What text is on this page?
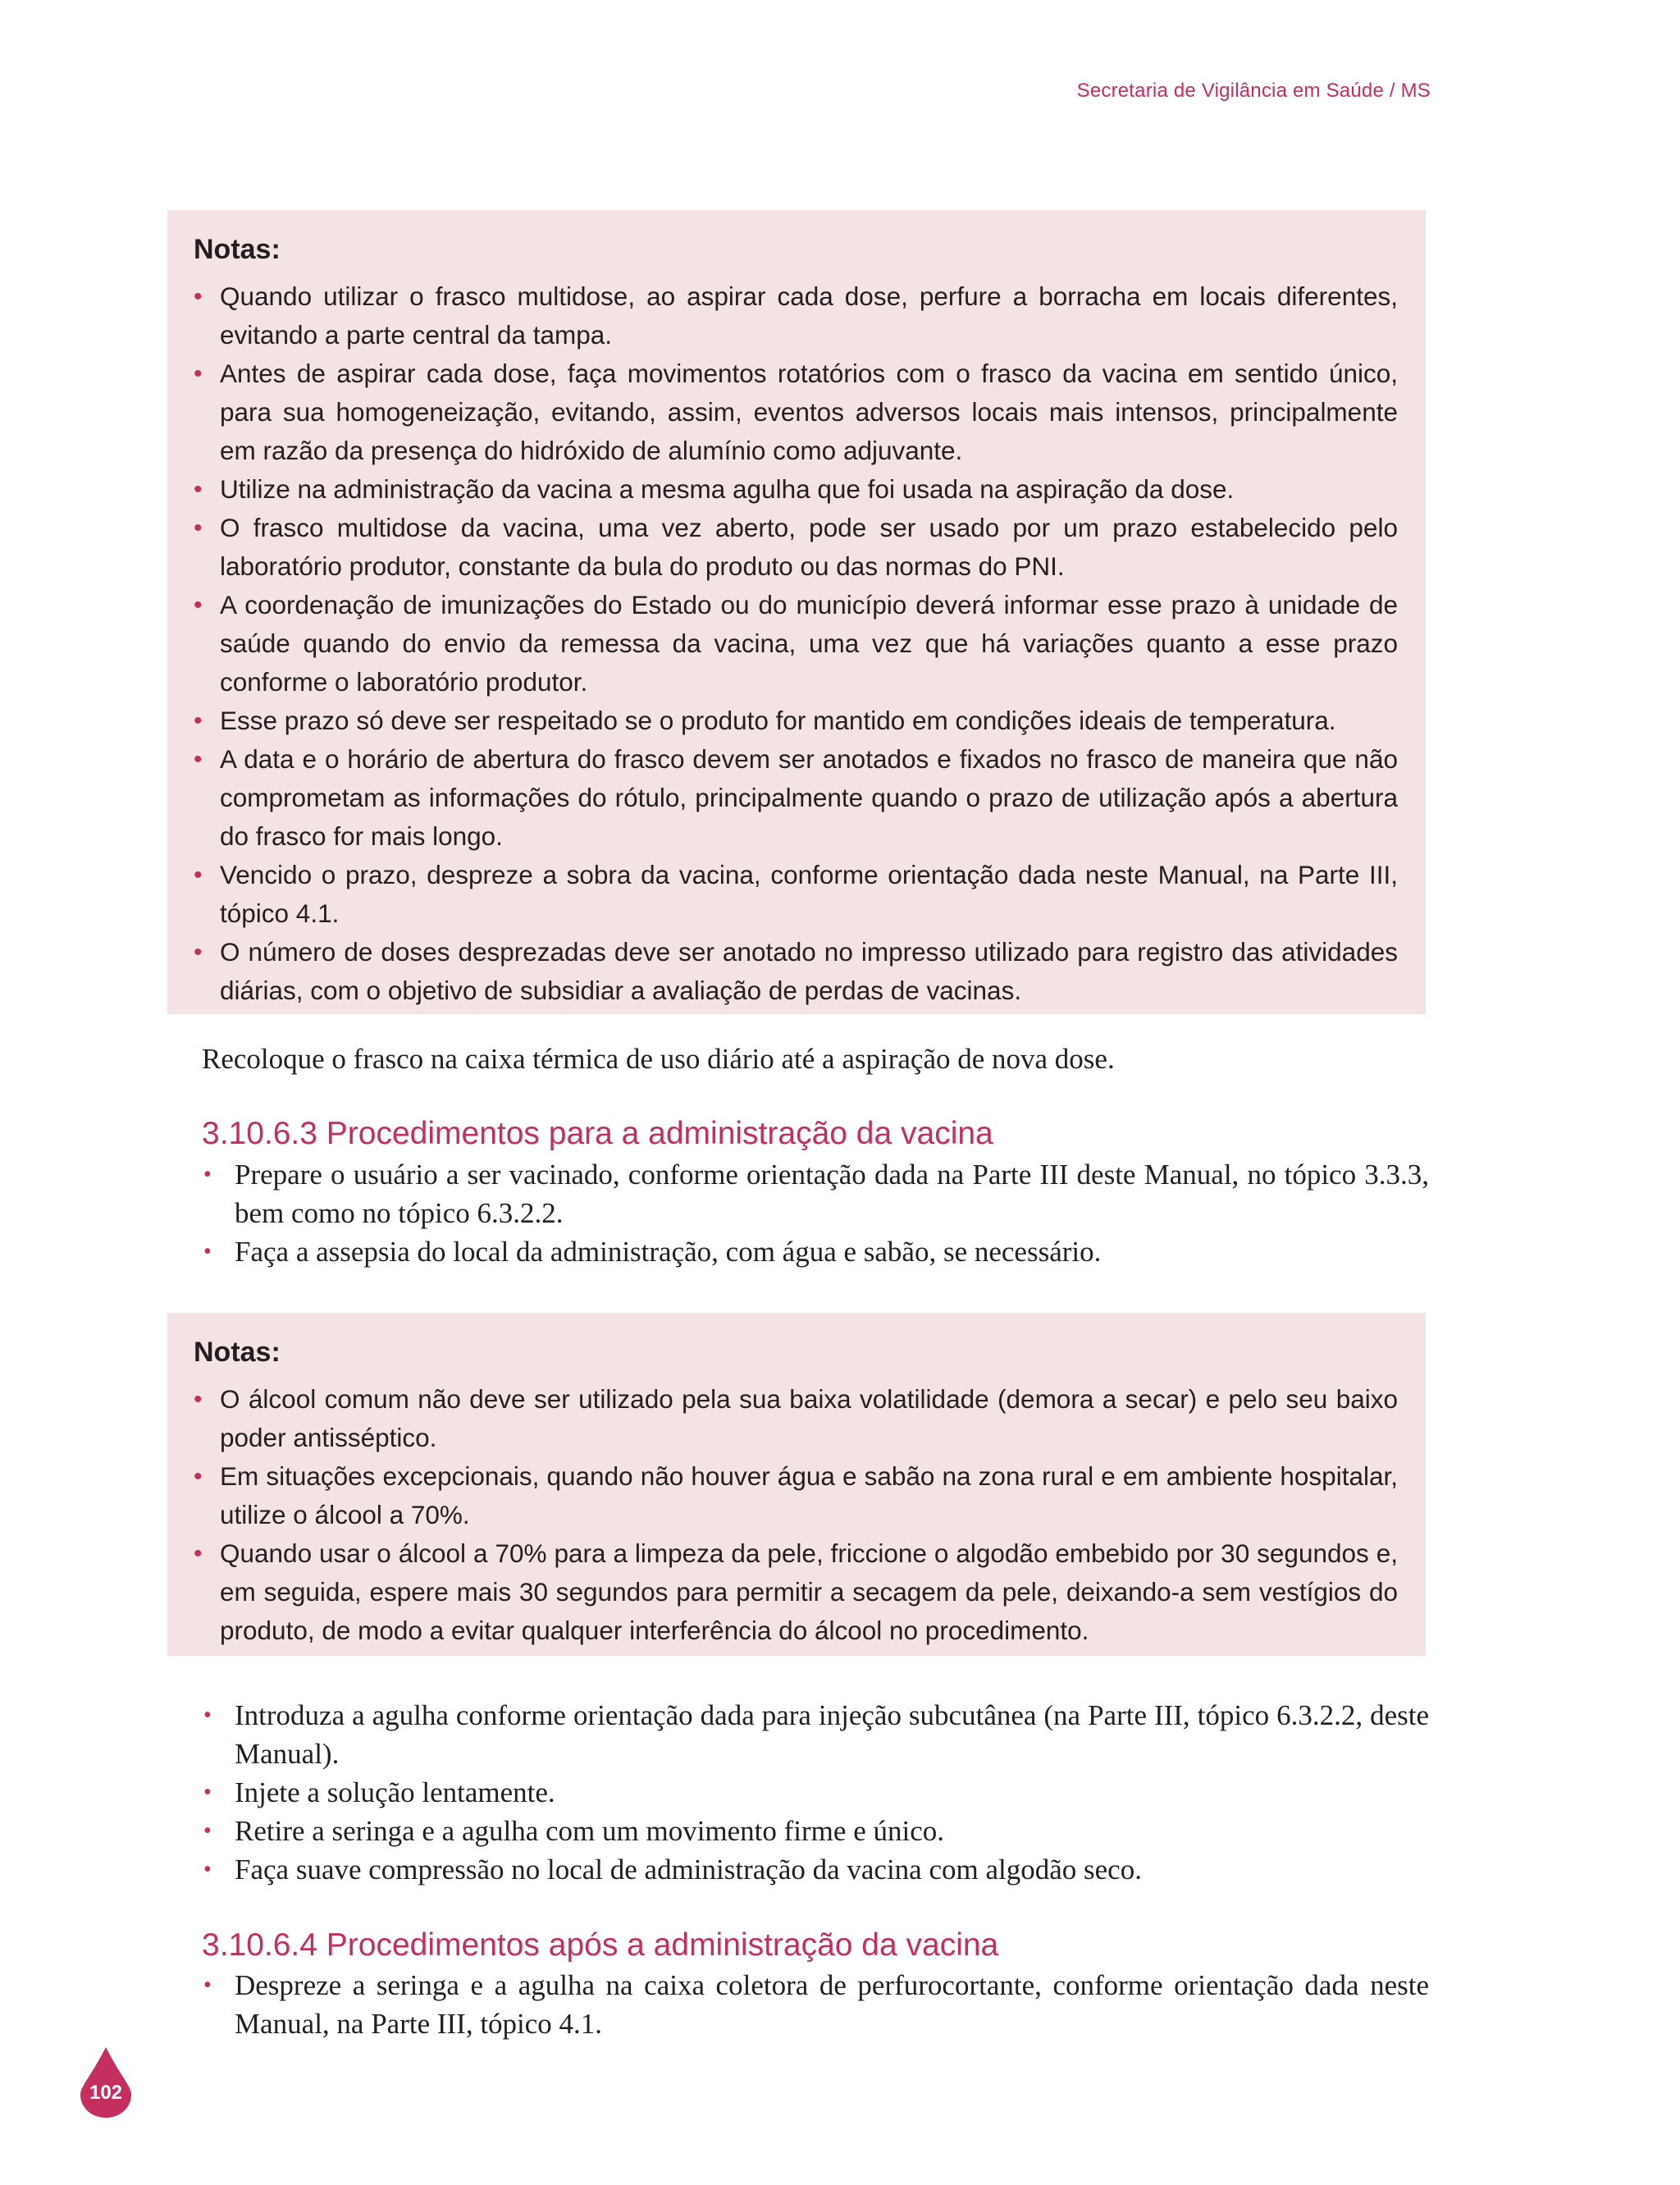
Secretaria de Vigilância em Saúde / MS
Notas:
• Quando utilizar o frasco multidose, ao aspirar cada dose, perfure a borracha em locais diferentes, evitando a parte central da tampa.
• Antes de aspirar cada dose, faça movimentos rotatórios com o frasco da vacina em sentido único, para sua homogeneização, evitando, assim, eventos adversos locais mais intensos, principalmente em razão da presença do hidróxido de alumínio como adjuvante.
• Utilize na administração da vacina a mesma agulha que foi usada na aspiração da dose.
• O frasco multidose da vacina, uma vez aberto, pode ser usado por um prazo estabelecido pelo laboratório produtor, constante da bula do produto ou das normas do PNI.
• A coordenação de imunizações do Estado ou do município deverá informar esse prazo à unidade de saúde quando do envio da remessa da vacina, uma vez que há variações quanto a esse prazo conforme o laboratório produtor.
• Esse prazo só deve ser respeitado se o produto for mantido em condições ideais de temperatura.
• A data e o horário de abertura do frasco devem ser anotados e fixados no frasco de maneira que não comprometam as informações do rótulo, principalmente quando o prazo de utilização após a abertura do frasco for mais longo.
• Vencido o prazo, despreze a sobra da vacina, conforme orientação dada neste Manual, na Parte III, tópico 4.1.
• O número de doses desprezadas deve ser anotado no impresso utilizado para registro das atividades diárias, com o objetivo de subsidiar a avaliação de perdas de vacinas.
Recoloque o frasco na caixa térmica de uso diário até a aspiração de nova dose.
3.10.6.3 Procedimentos para a administração da vacina
• Prepare o usuário a ser vacinado, conforme orientação dada na Parte III deste Manual, no tópico 3.3.3, bem como no tópico 6.3.2.2.
• Faça a assepsia do local da administração, com água e sabão, se necessário.
Notas:
• O álcool comum não deve ser utilizado pela sua baixa volatilidade (demora a secar) e pelo seu baixo poder antisséptico.
• Em situações excepcionais, quando não houver água e sabão na zona rural e em ambiente hospitalar, utilize o álcool a 70%.
• Quando usar o álcool a 70% para a limpeza da pele, friccione o algodão embebido por 30 segundos e, em seguida, espere mais 30 segundos para permitir a secagem da pele, deixando-a sem vestígios do produto, de modo a evitar qualquer interferência do álcool no procedimento.
• Introduza a agulha conforme orientação dada para injeção subcutânea (na Parte III, tópico 6.3.2.2, deste Manual).
• Injete a solução lentamente.
• Retire a seringa e a agulha com um movimento firme e único.
• Faça suave compressão no local de administração da vacina com algodão seco.
3.10.6.4 Procedimentos após a administração da vacina
• Despreze a seringa e a agulha na caixa coletora de perfurocortante, conforme orientação dada neste Manual, na Parte III, tópico 4.1.
102
